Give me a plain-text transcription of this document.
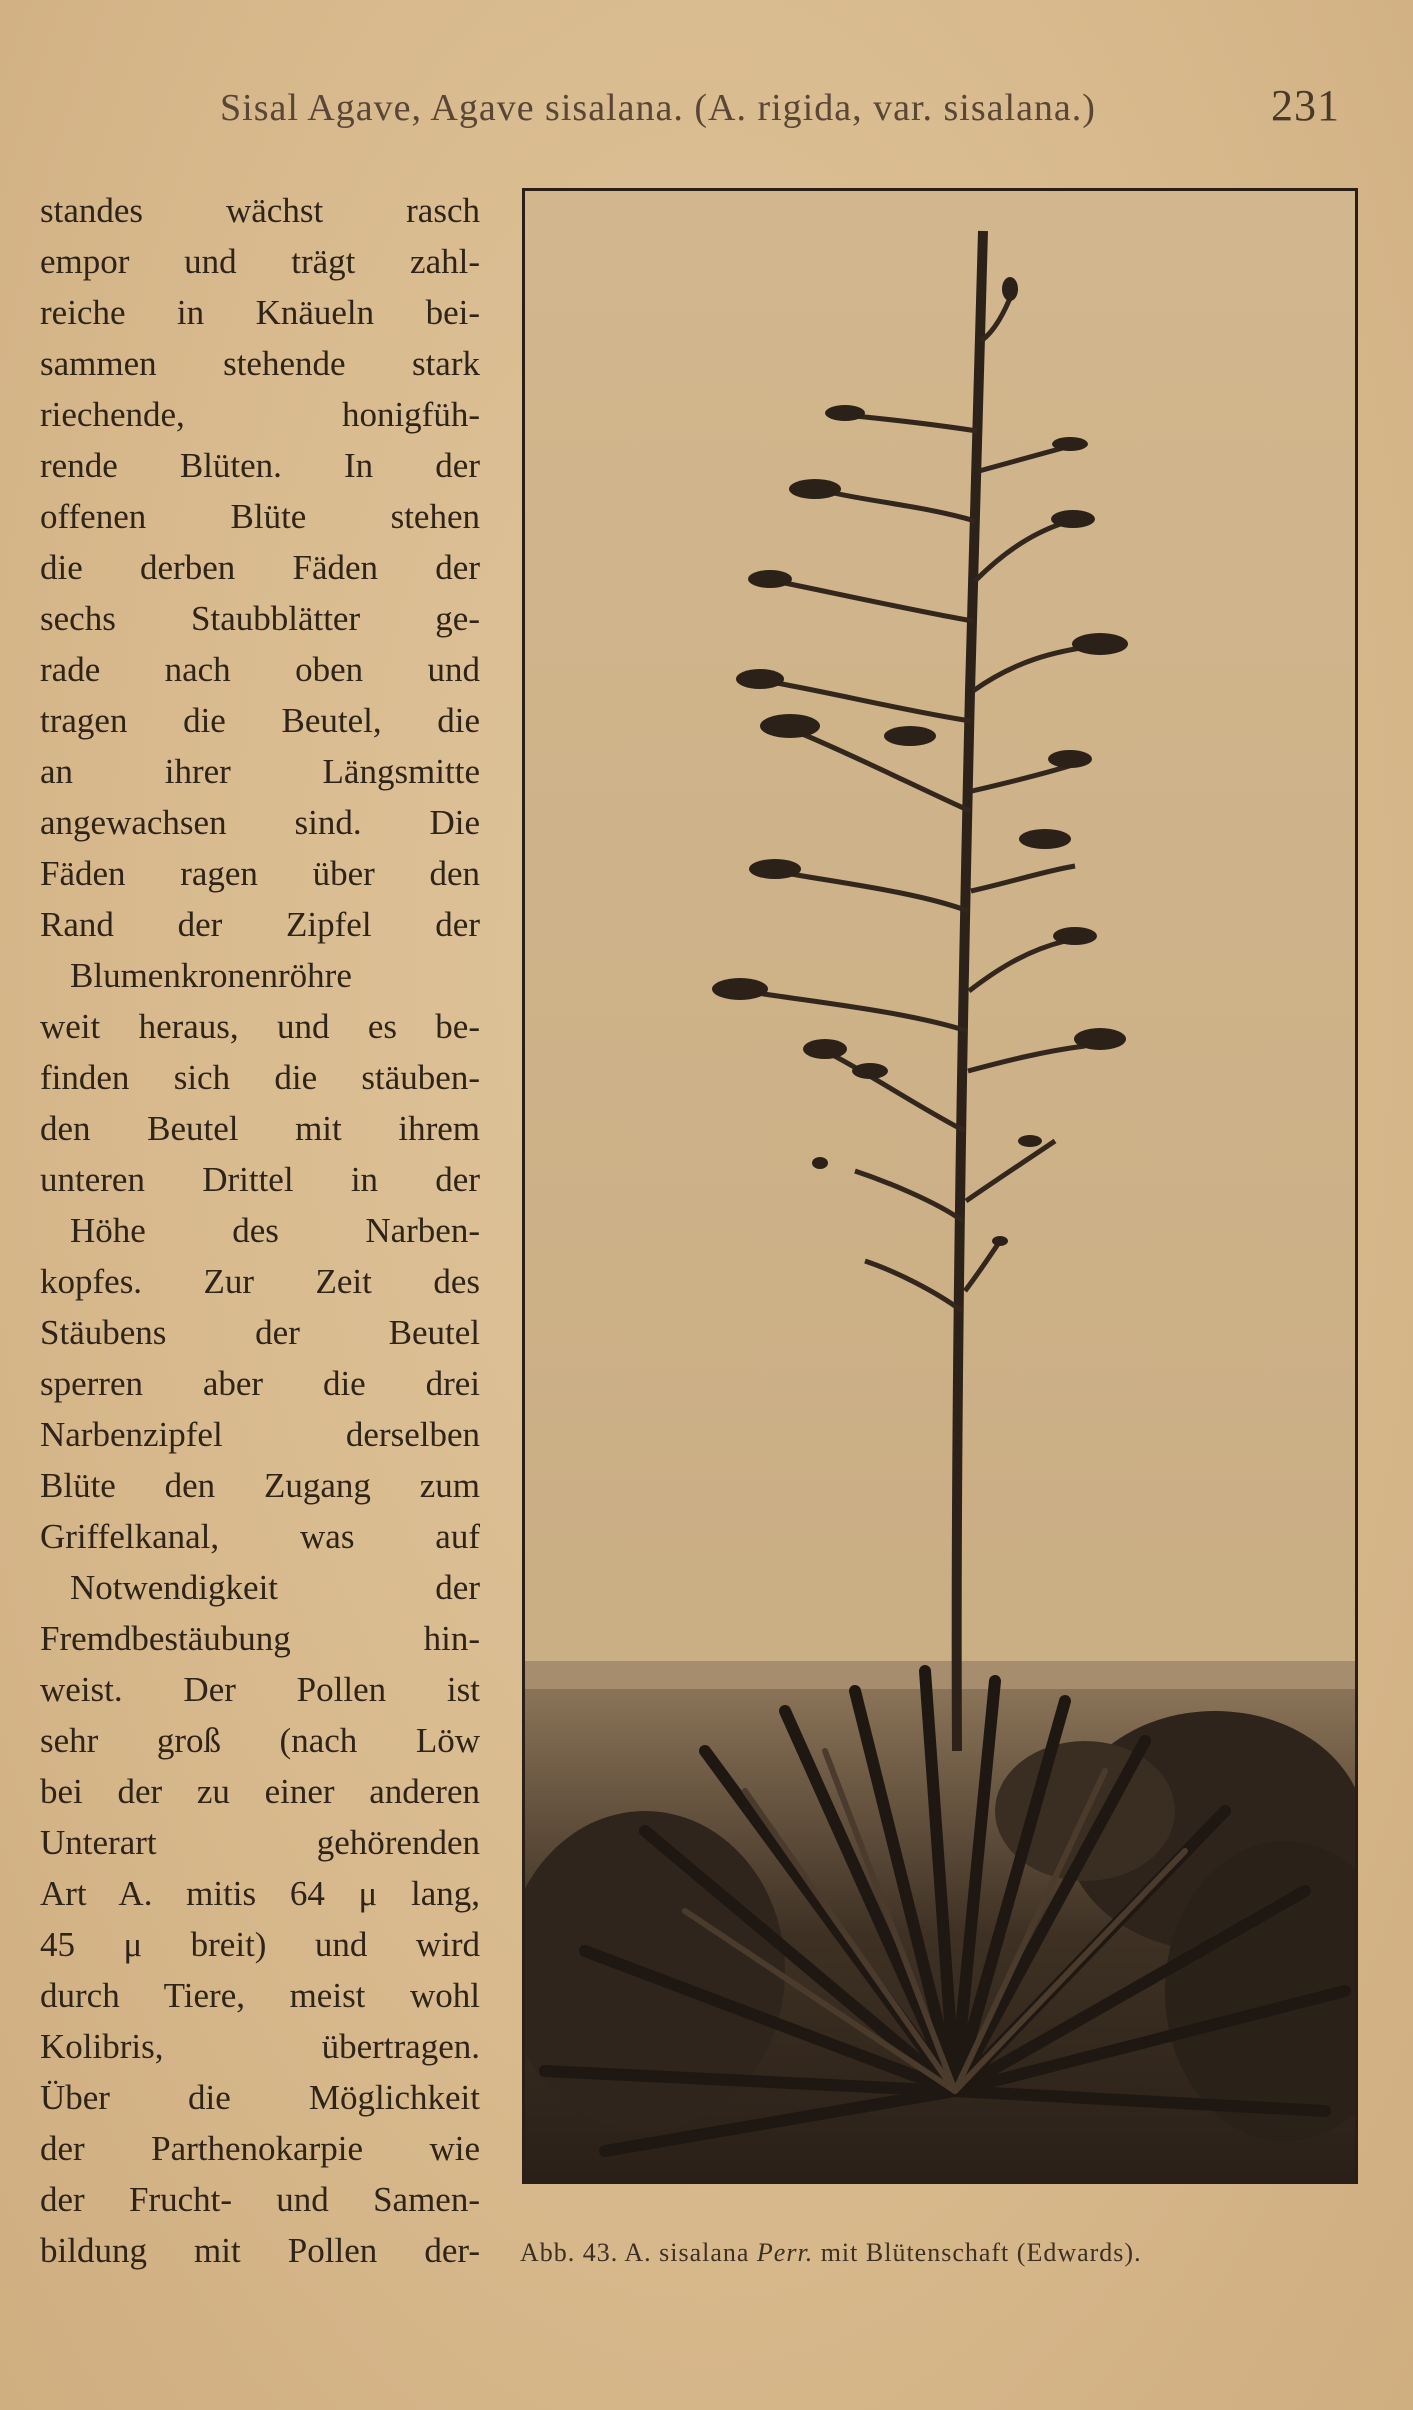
Sisal Agave, Agave sisalana. (A. rigida, var. sisalana.)	231
standes wächst rasch
empor und trägt zahl-
reiche in Knäueln bei-
sammen stehende stark
riechende, honigfüh-
rende Blüten. In der
offenen Blüte stehen
die derben Fäden der
sechs Staubblätter ge-
rade nach oben und
tragen die Beutel, die
an ihrer Längsmitte
angewachsen sind. Die
Fäden ragen über den
Rand der Zipfel der
Blumenkronenröhre
weit heraus, und es be-
finden sich die stäuben-
den Beutel mit ihrem
unteren Drittel in der
Höhe des Narben-
kopfes. Zur Zeit des
Stäubens der Beutel
sperren aber die drei
Narbenzipfel derselben
Blüte den Zugang zum
Griffelkanal, was auf
Notwendigkeit der
Fremdbestäubung hin-
weist. Der Pollen ist
sehr groß (nach Löw
bei der zu einer anderen
Unterart gehörenden
Art A. mitis 64 μ lang,
45 μ breit) und wird
durch Tiere, meist wohl
Kolibris, übertragen.
Über die Möglichkeit
der Parthenokarpie wie
der Frucht- und Samen-
bildung mit Pollen der- Abb. 43. A. sisalana Perr. mit Blütenschaft (Edwards).
